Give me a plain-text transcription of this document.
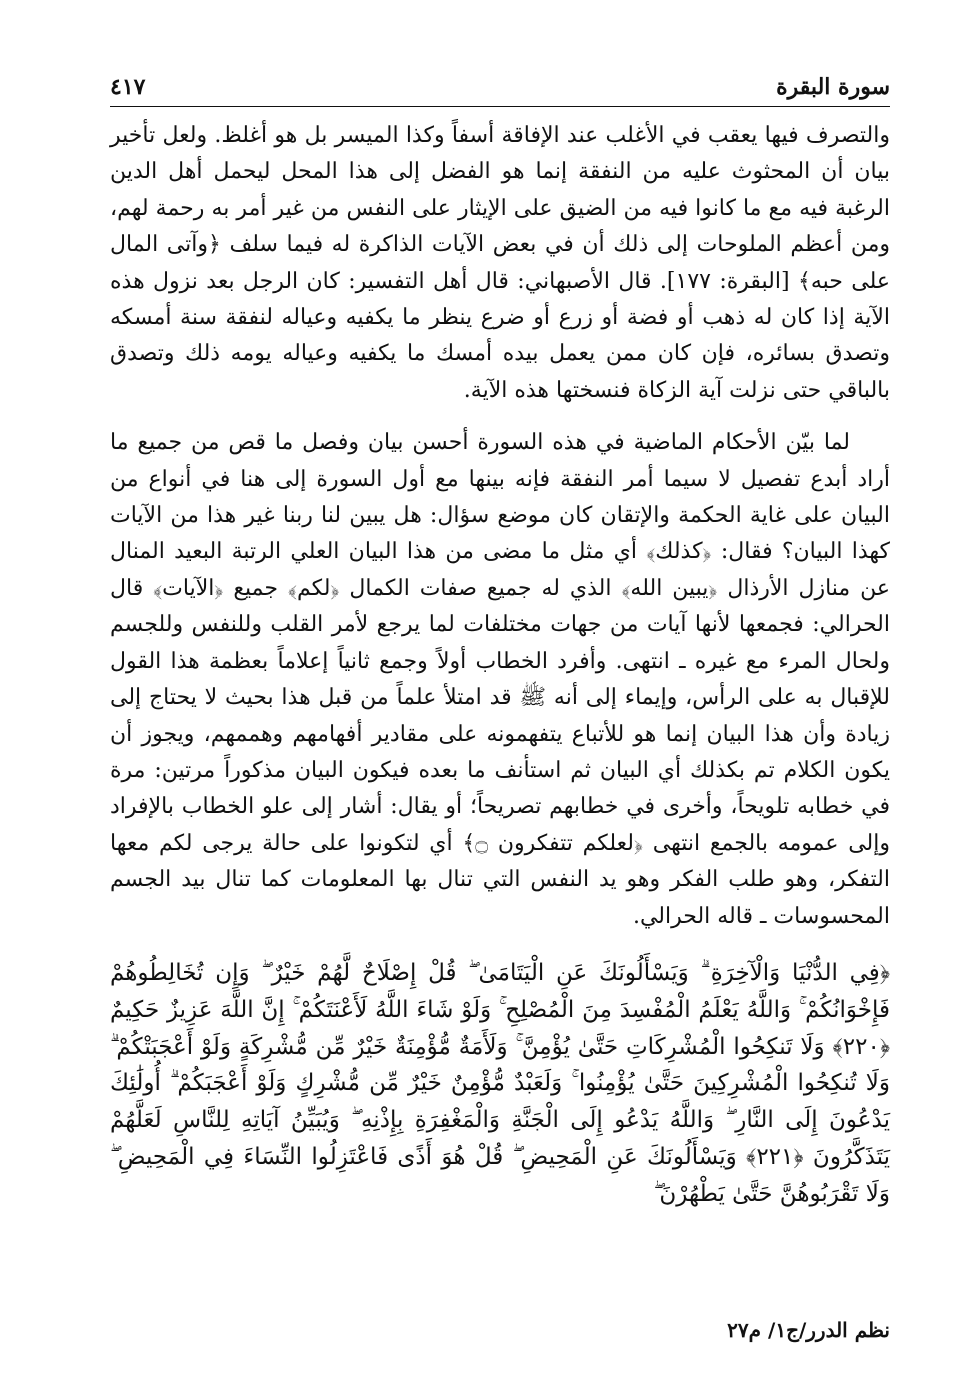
سورة البقرة
٤١٧

والتصرف فيها يعقب في الأغلب عند الإفاقة أسفاً وكذا الميسر بل هو أغلظ. ولعل تأخير بيان أن المحثوث عليه من النفقة إنما هو الفضل إلى هذا المحل ليحمل أهل الدين الرغبة فيه مع ما كانوا فيه من الضيق على الإيثار على النفس من غير أمر به رحمة لهم، ومن أعظم الملوحات إلى ذلك أن في بعض الآيات الذاكرة له فيما سلف ﴿وآتى المال على حبه﴾ [البقرة: ١٧٧]. قال الأصبهاني: قال أهل التفسير: كان الرجل بعد نزول هذه الآية إذا كان له ذهب أو فضة أو زرع أو ضرع ينظر ما يكفيه وعياله لنفقة سنة أمسكه وتصدق بسائره، فإن كان ممن يعمل بيده أمسك ما يكفيه وعياله يومه ذلك وتصدق بالباقي حتى نزلت آية الزكاة فنسختها هذه الآية.

لما بيّن الأحكام الماضية في هذه السورة أحسن بيان وفصل ما قص من جميع ما أراد أبدع تفصيل لا سيما أمر النفقة فإنه بينها مع أول السورة إلى هنا في أنواع من البيان على غاية الحكمة والإتقان كان موضع سؤال: هل يبين لنا ربنا غير هذا من الآيات كهذا البيان؟ فقال: ﴿كذلك﴾ أي مثل ما مضى من هذا البيان العلي الرتبة البعيد المنال عن منازل الأرذال ﴿يبين الله﴾ الذي له جميع صفات الكمال ﴿لكم﴾ جميع ﴿الآيات﴾ قال الحرالي: فجمعها لأنها آيات من جهات مختلفات لما يرجع لأمر القلب وللنفس وللجسم ولحال المرء مع غيره ـ انتهى. وأفرد الخطاب أولاً وجمع ثانياً إعلاماً بعظمة هذا القول للإقبال به على الرأس، وإيماء إلى أنه ﷺ قد امتلأ علماً من قبل هذا بحيث لا يحتاج إلى زيادة وأن هذا البيان إنما هو للأتباع يتفهمونه على مقادير أفهامهم وهممهم، ويجوز أن يكون الكلام تم بكذلك أي البيان ثم استأنف ما بعده فيكون البيان مذكوراً مرتين: مرة في خطابه تلويحاً، وأخرى في خطابهم تصريحاً؛ أو يقال: أشار إلى علو الخطاب بالإفراد وإلى عمومه بالجمع انتهى ﴿لعلكم تتفكرون ۝﴾ أي لتكونوا على حالة يرجى لكم معها التفكر، وهو طلب الفكر وهو يد النفس التي تنال بها المعلومات كما تنال بيد الجسم المحسوسات ـ قاله الحرالي.

﴿فِي الدُّنْيَا وَالْآخِرَةِ ۗ وَيَسْأَلُونَكَ عَنِ الْيَتَامَىٰ ۖ قُلْ إِصْلَاحٌ لَّهُمْ خَيْرٌ ۖ وَإِن تُخَالِطُوهُمْ فَإِخْوَانُكُمْ ۚ وَاللَّهُ يَعْلَمُ الْمُفْسِدَ مِنَ الْمُصْلِحِ ۚ وَلَوْ شَاءَ اللَّهُ لَأَعْنَتَكُمْ ۚ إِنَّ اللَّهَ عَزِيزٌ حَكِيمٌ ﴿٢٢٠﴾ وَلَا تَنكِحُوا الْمُشْرِكَاتِ حَتَّىٰ يُؤْمِنَّ ۚ وَلَأَمَةٌ مُّؤْمِنَةٌ خَيْرٌ مِّن مُّشْرِكَةٍ وَلَوْ أَعْجَبَتْكُمْ ۗ وَلَا تُنكِحُوا الْمُشْرِكِينَ حَتَّىٰ يُؤْمِنُوا ۚ وَلَعَبْدٌ مُّؤْمِنٌ خَيْرٌ مِّن مُّشْرِكٍ وَلَوْ أَعْجَبَكُمْ ۗ أُولَٰئِكَ يَدْعُونَ إِلَى النَّارِ ۖ وَاللَّهُ يَدْعُو إِلَى الْجَنَّةِ وَالْمَغْفِرَةِ بِإِذْنِهِ ۖ وَيُبَيِّنُ آيَاتِهِ لِلنَّاسِ لَعَلَّهُمْ يَتَذَكَّرُونَ ﴿٢٢١﴾ وَيَسْأَلُونَكَ عَنِ الْمَحِيضِ ۖ قُلْ هُوَ أَذًى فَاعْتَزِلُوا النِّسَاءَ فِي الْمَحِيضِ ۖ وَلَا تَقْرَبُوهُنَّ حَتَّىٰ يَطْهُرْنَ ۖ

نظم الدرر/ج١/ م٢٧
